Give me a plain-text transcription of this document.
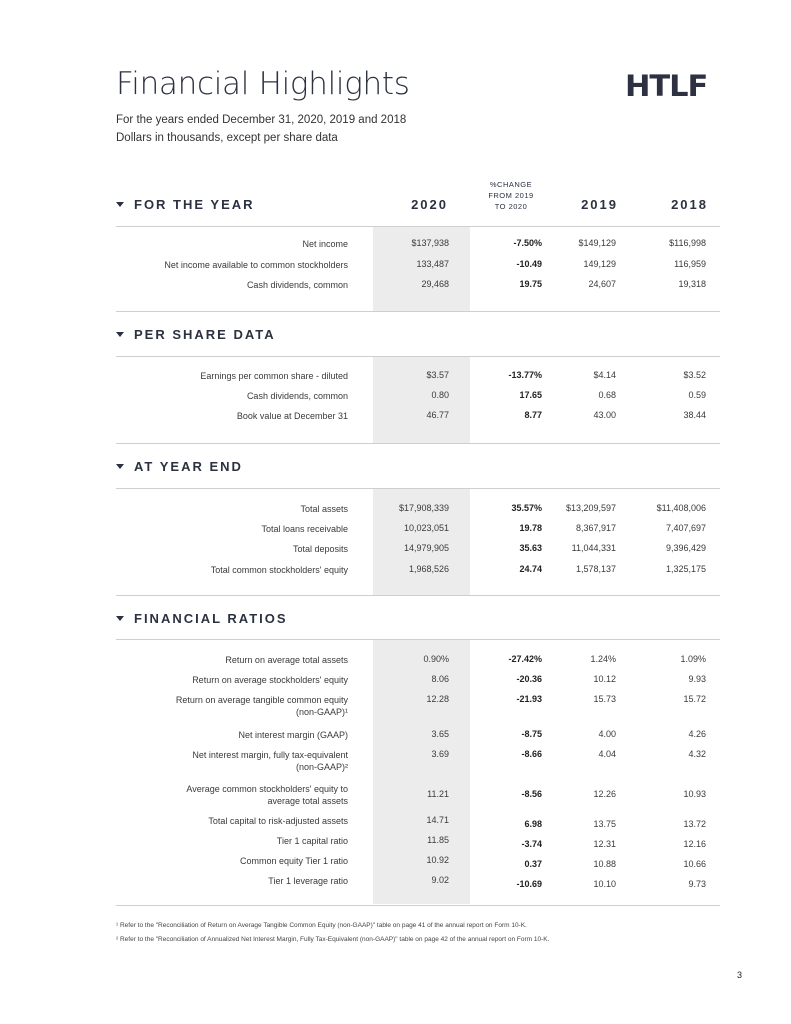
Financial Highlights	HTLF
For the years ended December 31, 2020, 2019 and 2018
Dollars in thousands, except per share data
FOR THE YEAR	2020
%CHANGE
FROM 2019
TO 2020	2019	2018
Net income	$137,938	-7.50%	$149,129	$116,998
Net income available to common stockholders	133,487	-10.49	149,129	116,959
Cash dividends, common	29,468	19.75	24,607	19,318
PER SHARE DATA
Earnings per common share - diluted	$3.57	-13.77%	$4.14	$3.52
Cash dividends, common	0.80	17.65	0.68	0.59
Book value at December 31	46.77	8.77	43.00	38.44
AT YEAR END
Total assets	$17,908,339	35.57%	$13,209,597	$11,408,006
Total loans receivable	10,023,051	19.78	8,367,917	7,407,697
Total deposits	14,979,905	35.63	11,044,331	9,396,429
Total common stockholders' equity	1,968,526	24.74	1,578,137	1,325,175
FINANCIAL RATIOS
Return on average total assets	0.90%	-27.42%	1.24%	1.09%
Return on average stockholders' equity	8.06	-20.36	10.12	9.93
Return on average tangible common equity
(non-GAAP)¹
12.28	-21.93	15.73	15.72
Net interest margin (GAAP)	3.65	-8.75	4.00	4.26
Net interest margin, fully tax-equivalent
(non-GAAP)²
3.69	-8.66	4.04	4.32
Average common stockholders' equity to
average total assets
11.21	-8.56	12.26	10.93
Total capital to risk-adjusted assets	14.71	6.98	13.75	13.72
Tier 1 capital ratio	11.85	-3.74	12.31	12.16
Common equity Tier 1 ratio	10.92	0.37	10.88	10.66
Tier 1 leverage ratio	9.02	-10.69	10.10	9.73
¹ Refer to the "Reconciliation of Return on Average Tangible Common Equity (non-GAAP)" table on page 41 of the annual report on Form 10-K.
² Refer to the "Reconciliation of Annualized Net Interest Margin, Fully Tax-Equivalent (non-GAAP)" table on page 42 of the annual report on Form 10-K.
3
